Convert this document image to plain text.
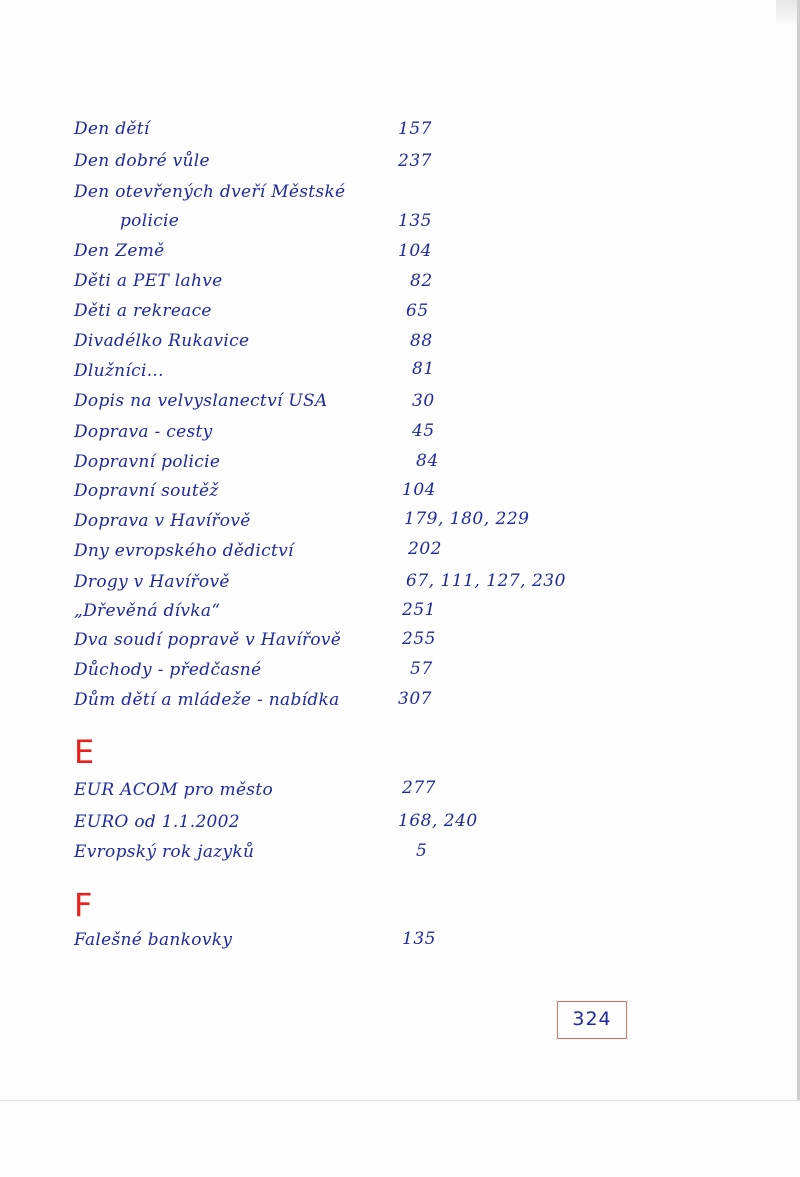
Den dětí	157
Den dobré vůle	237
Den otevřených dveří Městské
policie	135
Den Země	104
Děti a PET lahve	82
Děti a rekreace	65
Divadélko Rukavice	88
Dlužníci...	81
Dopis na velvyslanectví USA	30
Doprava - cesty	45
Dopravní policie	84
Dopravní soutěž	104
Doprava v Havířově	179, 180, 229
Dny evropského dědictví	202
Drogy v Havířově	67, 111, 127, 230
„Dřevěná dívka“	251
Dva soudí popravě v Havířově	255
Důchody - předčasné	57
Dům dětí a mládeže - nabídka	307
E
EUR ACOM pro město	277
EURO od 1.1.2002	168, 240
Evropský rok jazyků	5
F
Falešné bankovky	135
324
